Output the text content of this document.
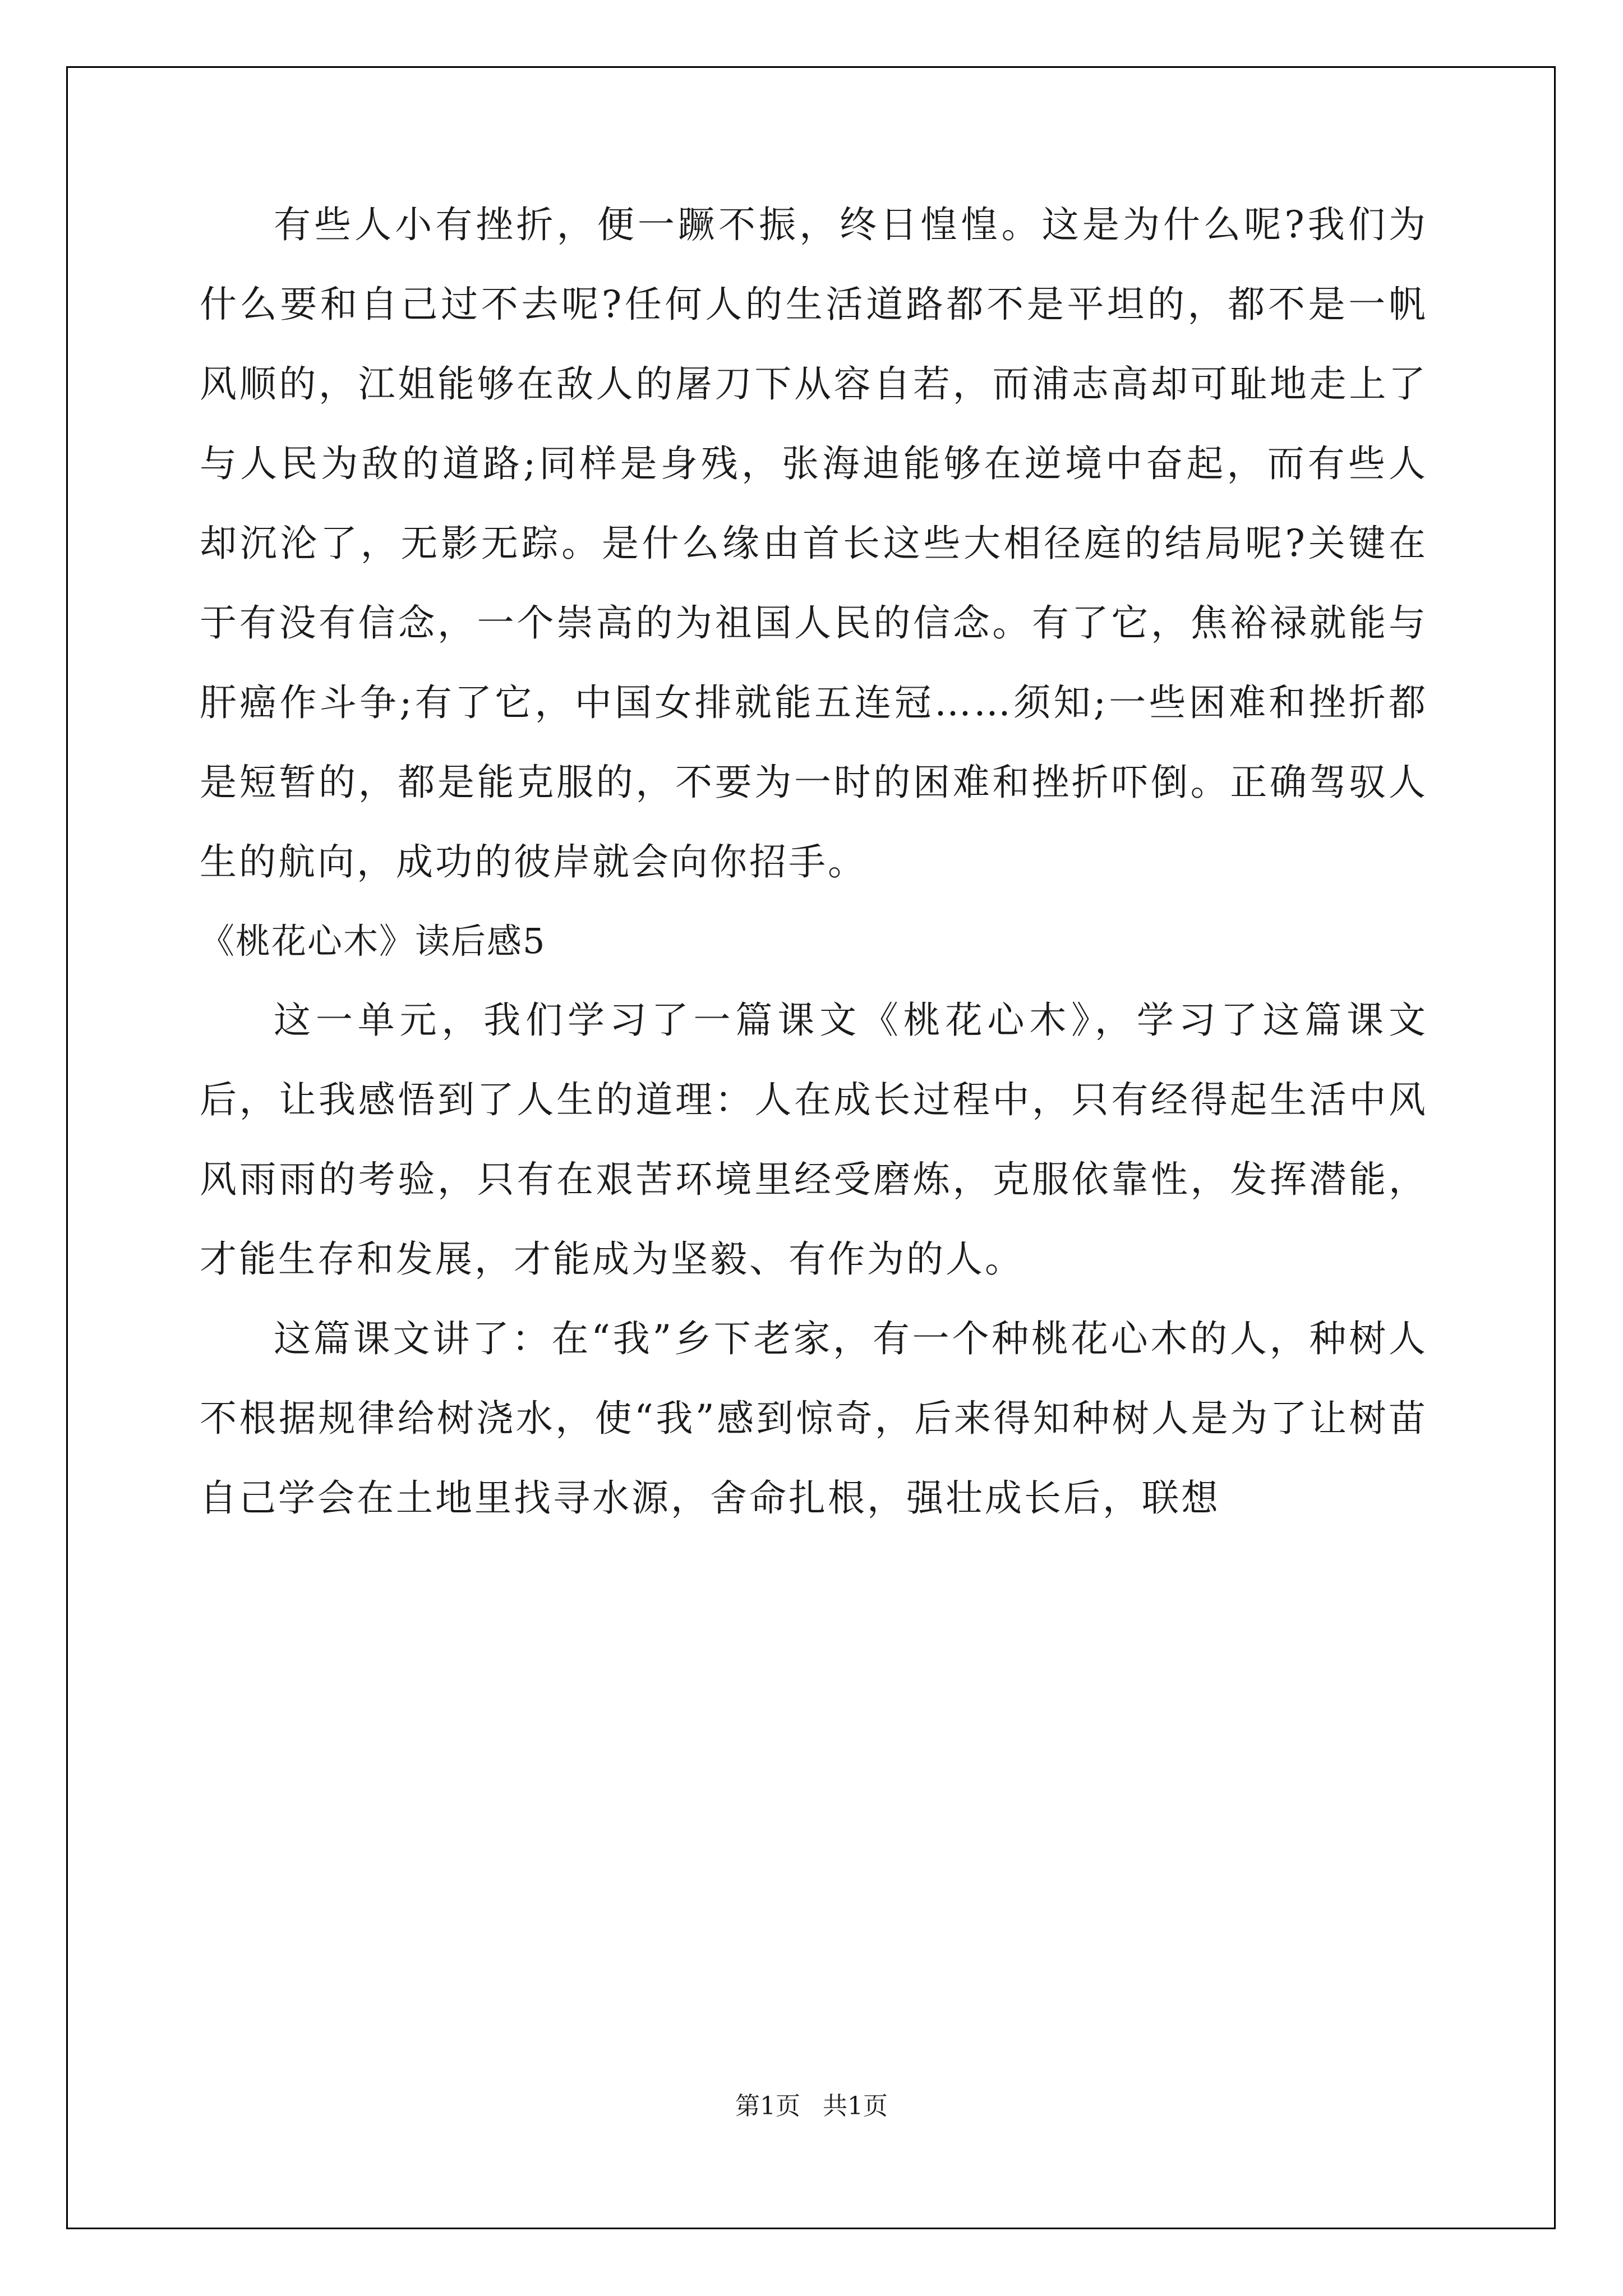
有些人小有挫折，便一蹶不振，终日惶惶。这是为什么呢?我们为什么要和自己过不去呢?任何人的生活道路都不是平坦的，都不是一帆风顺的，江姐能够在敌人的屠刀下从容自若，而浦志高却可耻地走上了与人民为敌的道路;同样是身残，张海迪能够在逆境中奋起，而有些人却沉沦了，无影无踪。是什么缘由首长这些大相径庭的结局呢?关键在于有没有信念，一个崇高的为祖国人民的信念。有了它，焦裕禄就能与肝癌作斗争;有了它，中国女排就能五连冠……须知;一些困难和挫折都是短暂的，都是能克服的，不要为一时的困难和挫折吓倒。正确驾驭人生的航向，成功的彼岸就会向你招手。

《桃花心木》读后感5

这一单元，我们学习了一篇课文《桃花心木》，学习了这篇课文后，让我感悟到了人生的道理：人在成长过程中，只有经得起生活中风风雨雨的考验，只有在艰苦环境里经受磨炼，克服依靠性，发挥潜能，才能生存和发展，才能成为坚毅、有作为的人。

这篇课文讲了：在“我”乡下老家，有一个种桃花心木的人，种树人不根据规律给树浇水，使“我”感到惊奇，后来得知种树人是为了让树苗自己学会在土地里找寻水源，舍命扎根，强壮成长后，联想

第1页 共1页
